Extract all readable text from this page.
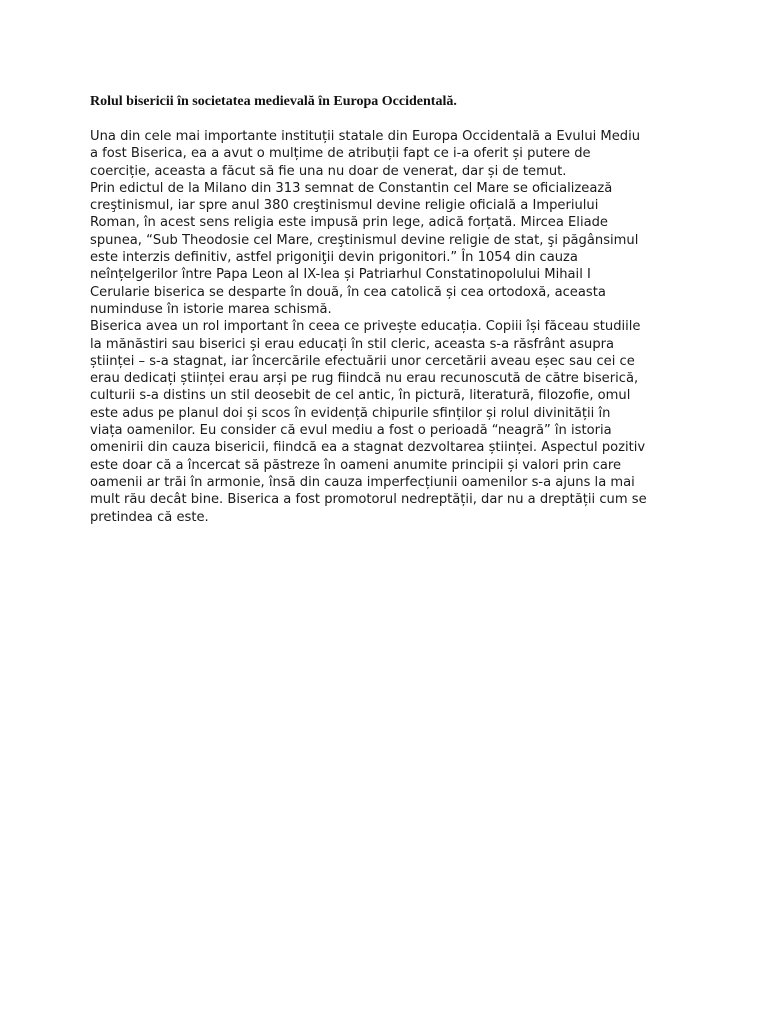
Rolul bisericii în societatea medievală în Europa Occidentală.
Una din cele mai importante instituții statale din Europa Occidentală a Evului Mediu
a fost Biserica, ea a avut o mulțime de atribuții fapt ce i-a oferit și putere de
coerciție, aceasta a făcut să fie una nu doar de venerat, dar și de temut.
Prin edictul de la Milano din 313 semnat de Constantin cel Mare se oficializează
creştinismul, iar spre anul 380 creştinismul devine religie oficială a Imperiului
Roman, în acest sens religia este impusă prin lege, adică forțată. Mircea Eliade
spunea, “Sub Theodosie cel Mare, creştinismul devine religie de stat, şi păgânsimul
este interzis definitiv, astfel prigoniţii devin prigonitori.” În 1054 din cauza
neînțelgerilor între Papa Leon al IX-lea și Patriarhul Constatinopolului Mihail I
Cerularie biserica se desparte în două, în cea catolică și cea ortodoxă, aceasta
numinduse în istorie marea schismă.
Biserica avea un rol important în ceea ce privește educația. Copiii își făceau studiile
la mănăstiri sau biserici și erau educați în stil cleric, aceasta s-a răsfrânt asupra
științei – s-a stagnat, iar încercările efectuării unor cercetării aveau eșec sau cei ce
erau dedicați științei erau arși pe rug fiindcă nu erau recunoscută de către biserică,
culturii s-a distins un stil deosebit de cel antic, în pictură, literatură, filozofie, omul
este adus pe planul doi și scos în evidență chipurile sfinților și rolul divinității în
viața oamenilor. Eu consider că evul mediu a fost o perioadă “neagră” în istoria
omenirii din cauza bisericii, fiindcă ea a stagnat dezvoltarea științei. Aspectul pozitiv
este doar că a încercat să păstreze în oameni anumite principii și valori prin care
oamenii ar trăi în armonie, însă din cauza imperfecțiunii oamenilor s-a ajuns la mai
mult rău decât bine. Biserica a fost promotorul nedreptății, dar nu a dreptății cum se
pretindea că este.
